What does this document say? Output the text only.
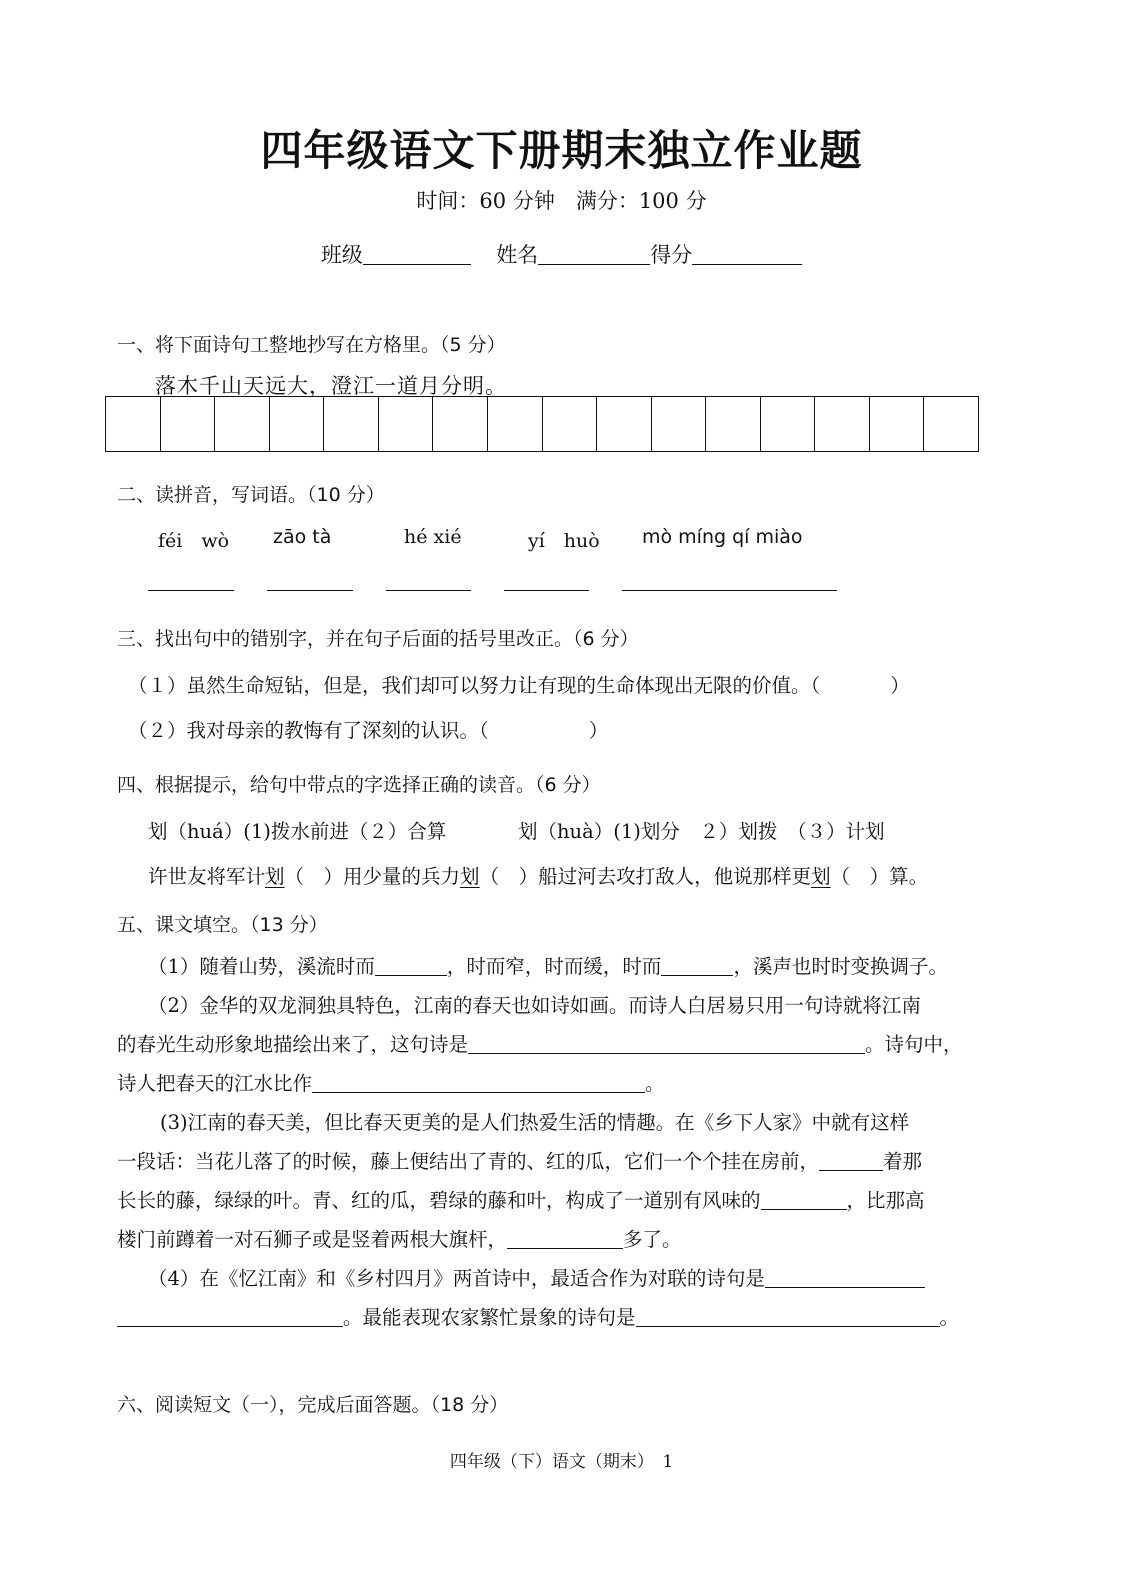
四年级语文下册期末独立作业题
时间：60 分钟　满分：100 分
班级	姓名	得分
一、将下面诗句工整地抄写在方格里。（5 分）
落木千山天远大，澄江一道月分明。
二、读拼音，写词语。（10 分）
féi　wò zāo tà	hé xié	yí　huò mò míng qí miào
三、找出句中的错别字，并在句子后面的括号里改正。（6 分）
（１）虽然生命短钻，但是，我们却可以努力让有现的生命体现出无限的价值。（	）
（２）我对母亲的教悔有了深刻的认识。（	）
四、根据提示，给句中带点的字选择正确的读音。（6 分）
划（huá）(1)拨水前进（２）合算	划（huà）(1)划分　２）划拨　（３）计划
许世友将军计划（　）用少量的兵力划（　）船过河去攻打敌人，他说那样更划（　）算。
五、课文填空。（13 分）
（1）随着山势，溪流时而	，时而窄，时而缓，时而	，溪声也时时变换调子。
（2）金华的双龙洞独具特色，江南的春天也如诗如画。而诗人白居易只用一句诗就将江南
的春光生动形象地描绘出来了，这句诗是	。诗句中，
诗人把春天的江水比作	。
(3)江南的春天美，但比春天更美的是人们热爱生活的情趣。在《乡下人家》中就有这样
一段话：当花儿落了的时候，藤上便结出了青的、红的瓜，它们一个个挂在房前，	着那
长长的藤，绿绿的叶。青、红的瓜，碧绿的藤和叶，构成了一道别有风味的	，比那高
楼门前蹲着一对石狮子或是竖着两根大旗杆，	多了。
（4）在《忆江南》和《乡村四月》两首诗中，最适合作为对联的诗句是
。最能表现农家繁忙景象的诗句是	。
六、阅读短文（一），完成后面答题。（18 分）
四年级（下）语文（期末）　1
